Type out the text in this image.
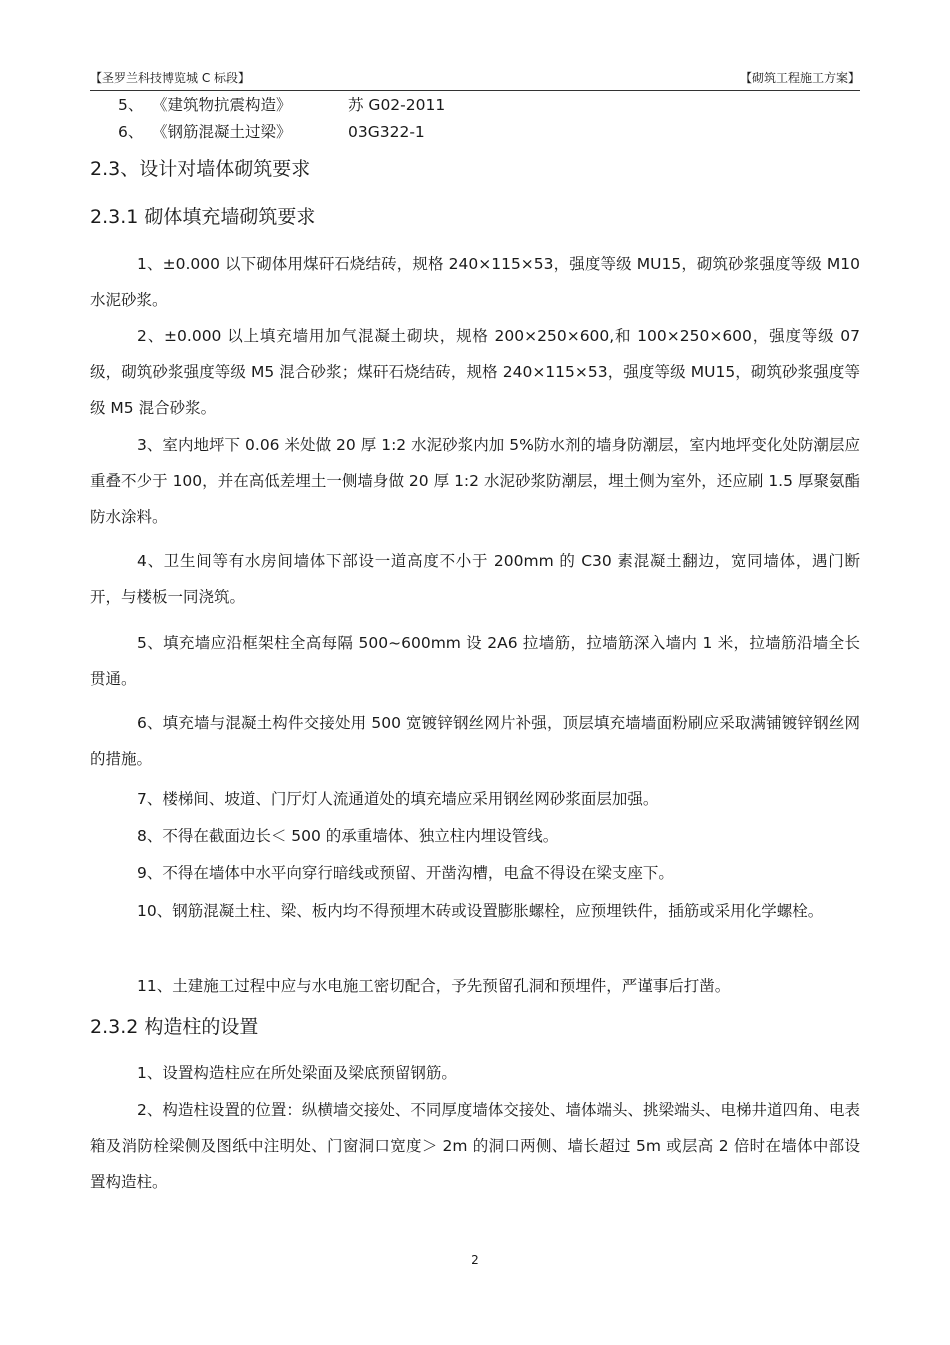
【圣罗兰科技博览城 C 标段】	【砌筑工程施工方案】
5、 《建筑物抗震构造》	苏 G02-2011
6、 《钢筋混凝土过梁》	03G322-1
2.3、设计对墙体砌筑要求
2.3.1 砌体填充墙砌筑要求
1、±0.000 以下砌体用煤矸石烧结砖，规格 240×115×53，强度等级 MU15，砌筑砂浆强度等级 M10 水泥砂浆。
2、±0.000 以上填充墙用加气混凝土砌块，规格 200×250×600,和 100×250×600，强度等级 07 级，砌筑砂浆强度等级 M5 混合砂浆；煤矸石烧结砖，规格 240×115×53，强度等级 MU15，砌筑砂浆强度等级 M5 混合砂浆。
3、室内地坪下 0.06 米处做 20 厚 1:2 水泥砂浆内加 5%防水剂的墙身防潮层，室内地坪变化处防潮层应重叠不少于 100，并在高低差埋土一侧墙身做 20 厚 1:2 水泥砂浆防潮层，埋土侧为室外，还应刷 1.5 厚聚氨酯防水涂料。
4、卫生间等有水房间墙体下部设一道高度不小于 200mm 的 C30 素混凝土翻边，宽同墙体，遇门断开，与楼板一同浇筑。
5、填充墙应沿框架柱全高每隔 500~600mm 设 2A6 拉墙筋，拉墙筋深入墙内 1 米，拉墙筋沿墙全长贯通。
6、填充墙与混凝土构件交接处用 500 宽镀锌钢丝网片补强，顶层填充墙墙面粉刷应采取满铺镀锌钢丝网的措施。
7、楼梯间、坡道、门厅灯人流通道处的填充墙应采用钢丝网砂浆面层加强。
8、不得在截面边长＜ 500 的承重墙体、独立柱内埋设管线。
9、不得在墙体中水平向穿行暗线或预留、开凿沟槽，电盒不得设在梁支座下。
10、钢筋混凝土柱、梁、板内均不得预埋木砖或设置膨胀螺栓，应预埋铁件，插筋或采用化学螺栓。
11、土建施工过程中应与水电施工密切配合，予先预留孔洞和预埋件，严谨事后打凿。
2.3.2 构造柱的设置
1、设置构造柱应在所处梁面及梁底预留钢筋。
2、构造柱设置的位置：纵横墙交接处、不同厚度墙体交接处、墙体端头、挑梁端头、电梯井道四角、电表箱及消防栓梁侧及图纸中注明处、门窗洞口宽度＞ 2m 的洞口两侧、墙长超过 5m 或层高 2 倍时在墙体中部设置构造柱。
2
